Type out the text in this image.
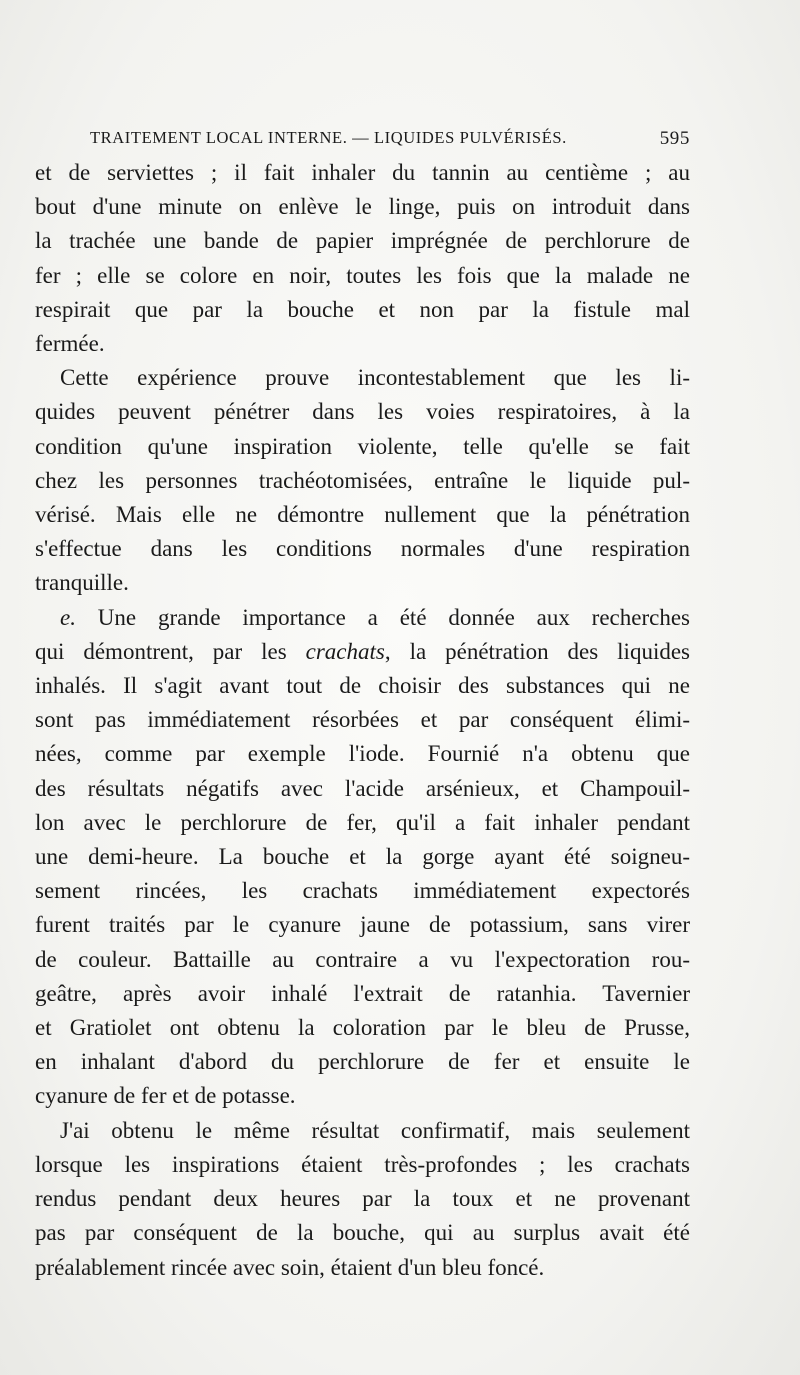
TRAITEMENT LOCAL INTERNE. — LIQUIDES PULVÉRISÉS.	595

et de serviettes ; il fait inhaler du tannin au centième ; au

bout d'une minute on enlève le linge, puis on introduit dans

la trachée une bande de papier imprégnée de perchlorure de

fer ; elle se colore en noir, toutes les fois que la malade ne

respirait que par la bouche et non par la fistule mal

fermée.

Cette expérience prouve incontestablement que les li-

quides peuvent pénétrer dans les voies respiratoires, à la

condition qu'une inspiration violente, telle qu'elle se fait

chez les personnes trachéotomisées, entraîne le liquide pul-

vérisé. Mais elle ne démontre nullement que la pénétration

s'effectue dans les conditions normales d'une respiration

tranquille.

e. Une grande importance a été donnée aux recherches

qui démontrent, par les crachats, la pénétration des liquides

inhalés. Il s'agit avant tout de choisir des substances qui ne

sont pas immédiatement résorbées et par conséquent élimi-

nées, comme par exemple l'iode. Fournié n'a obtenu que

des résultats négatifs avec l'acide arsénieux, et Champouil-

lon avec le perchlorure de fer, qu'il a fait inhaler pendant

une demi-heure. La bouche et la gorge ayant été soigneu-

sement rincées, les crachats immédiatement expectorés

furent traités par le cyanure jaune de potassium, sans virer

de couleur. Battaille au contraire a vu l'expectoration rou-

geâtre, après avoir inhalé l'extrait de ratanhia. Tavernier

et Gratiolet ont obtenu la coloration par le bleu de Prusse,

en inhalant d'abord du perchlorure de fer et ensuite le

cyanure de fer et de potasse.

J'ai obtenu le même résultat confirmatif, mais seulement

lorsque les inspirations étaient très-profondes ; les crachats

rendus pendant deux heures par la toux et ne provenant

pas par conséquent de la bouche, qui au surplus avait été

préalablement rincée avec soin, étaient d'un bleu foncé.
